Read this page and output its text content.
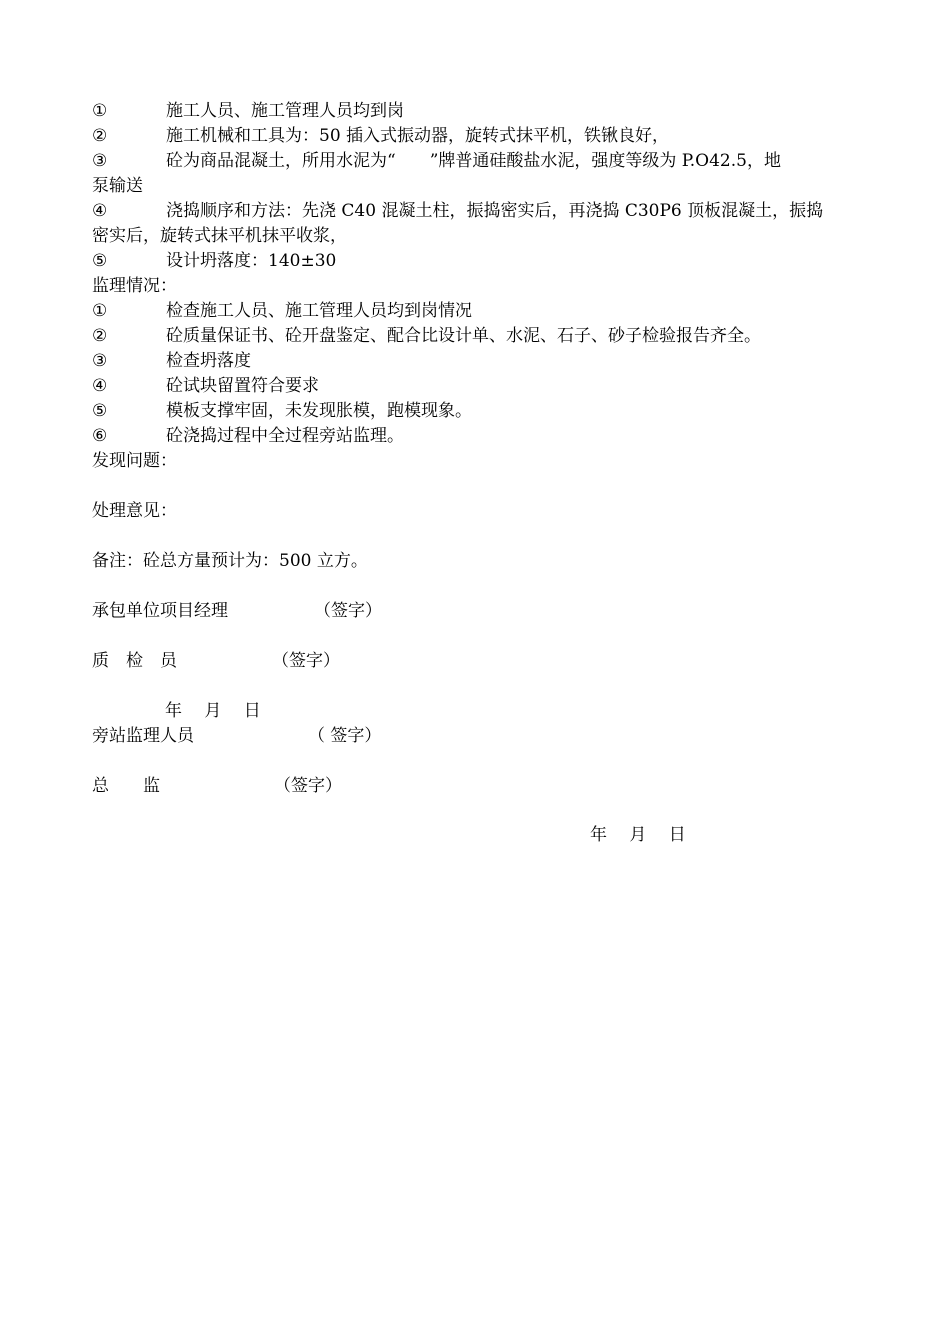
①	施工人员、施工管理人员均到岗
②	施工机械和工具为：50 插入式振动器，旋转式抹平机，铁锹良好，
③	砼为商品混凝土，所用水泥为“　　”牌普通硅酸盐水泥，强度等级为 P.O42.5，地
泵输送
④	浇捣顺序和方法：先浇 C40 混凝土柱，振捣密实后，再浇捣 C30P6 顶板混凝土，振捣
密实后，旋转式抹平机抹平收浆，
⑤	设计坍落度：140±30
监理情况：
①	检查施工人员、施工管理人员均到岗情况
②	砼质量保证书、砼开盘鉴定、配合比设计单、水泥、石子、砂子检验报告齐全。
③	检查坍落度
④	砼试块留置符合要求
⑤	模板支撑牢固，未发现胀模，跑模现象。
⑥	砼浇捣过程中全过程旁站监理。
发现问题：
处理意见：
备注：砼总方量预计为：500 立方。
承包单位项目经理	（签字）
质　检　员	（签字）
年　 月　 日
旁站监理人员	（ 签字）
总　　监	（签字）
年　 月　 日
